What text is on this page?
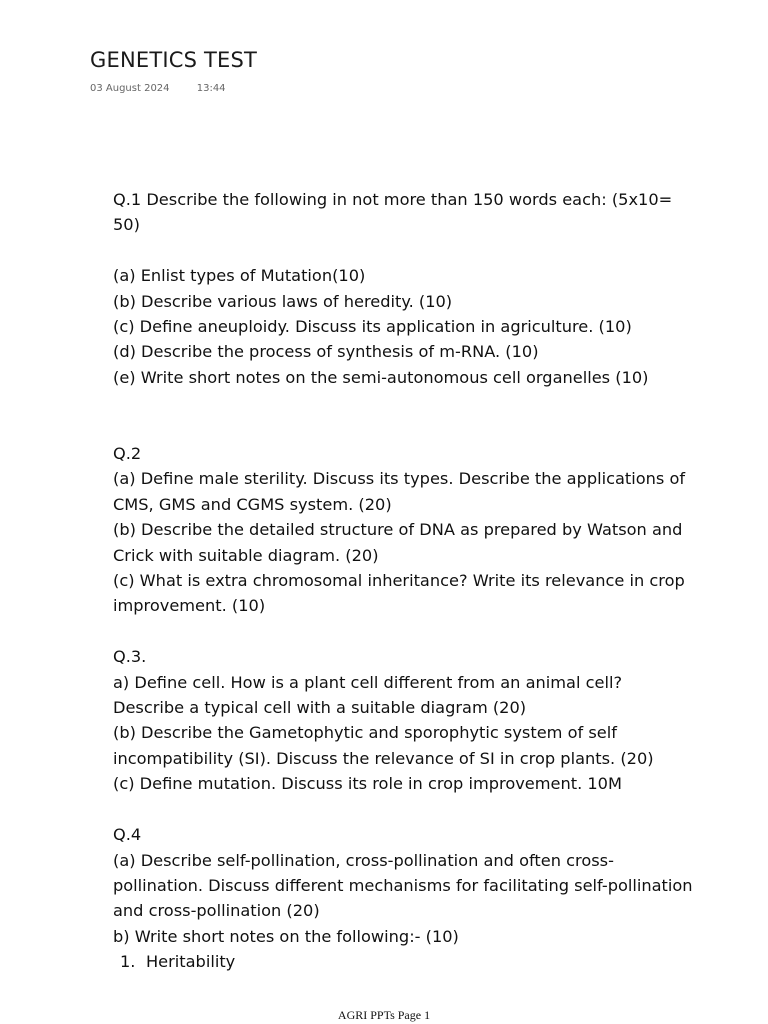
GENETICS TEST
03 August 2024	13:44

Q.1 Describe the following in not more than 150 words each: (5x10= 50)

(a) Enlist types of Mutation(10)

(b) Describe various laws of heredity. (10)

(c) Define aneuploidy. Discuss its application in agriculture. (10)

(d) Describe the process of synthesis of m-RNA. (10)

(e) Write short notes on the semi-autonomous cell organelles (10)

Q.2

(a) Define male sterility. Discuss its types. Describe the applications of CMS, GMS and CGMS system. (20)

(b) Describe the detailed structure of DNA as prepared by Watson and Crick with suitable diagram. (20)

(c) What is extra chromosomal inheritance? Write its relevance in crop improvement. (10)

Q.3.

a) Define cell. How is a plant cell different from an animal cell? Describe a typical cell with a suitable diagram (20)

(b) Describe the Gametophytic and sporophytic system of self incompatibility (SI). Discuss the relevance of SI in crop plants. (20)

(c) Define mutation. Discuss its role in crop improvement. 10M

Q.4

(a) Describe self-pollination, cross-pollination and often cross-pollination. Discuss different mechanisms for facilitating self-pollination and cross-pollination (20)

b) Write short notes on the following:- (10)

1. Heritability

AGRI PPTs Page 1
